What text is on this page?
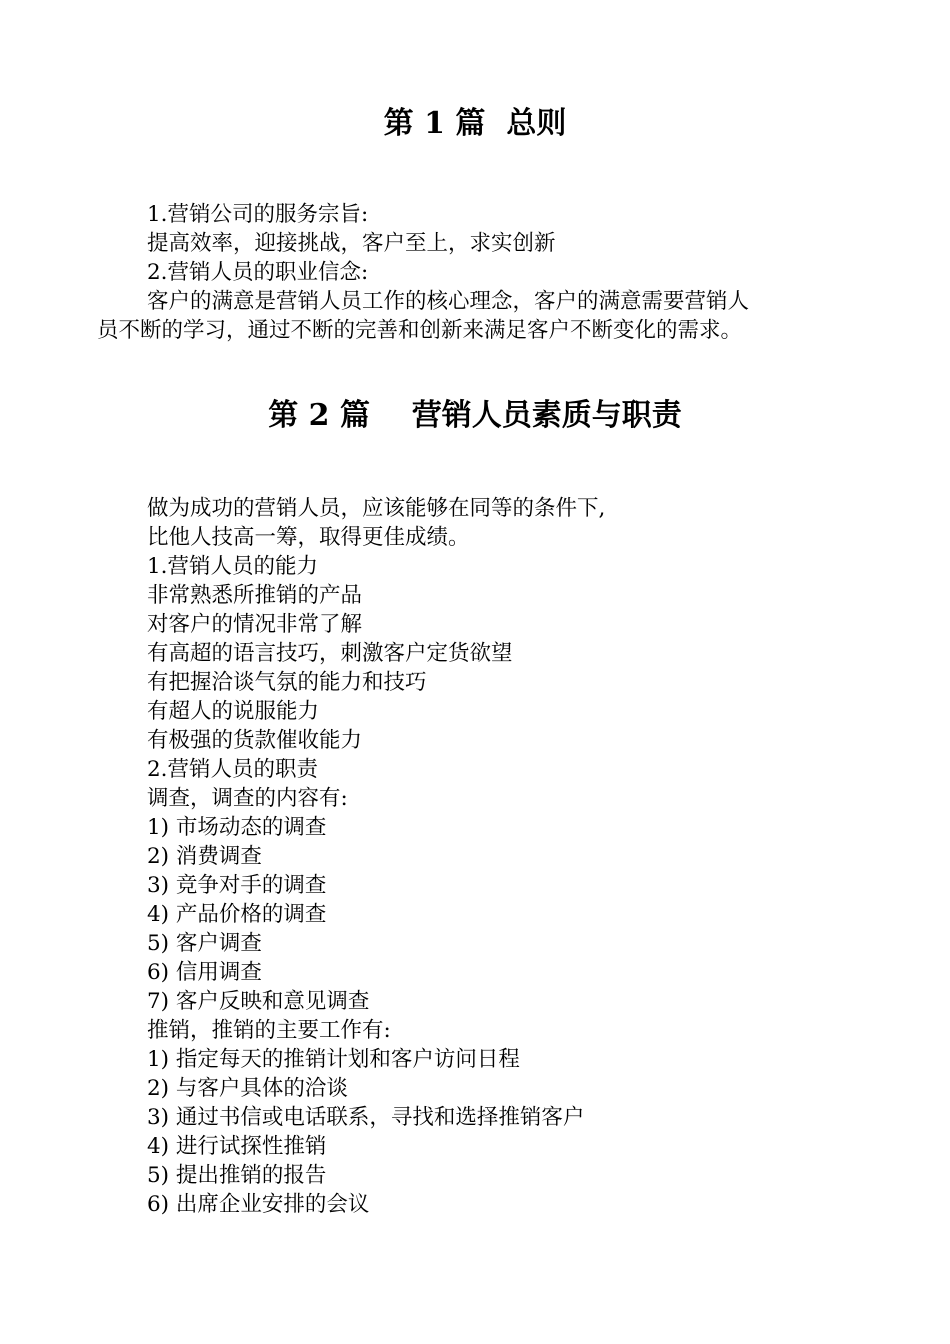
第 1 篇  总则
1.营销公司的服务宗旨:
提高效率，迎接挑战，客户至上，求实创新
2.营销人员的职业信念:
客户的满意是营销人员工作的核心理念，客户的满意需要营销人
员不断的学习，通过不断的完善和创新来满足客户不断变化的需求。
第 2 篇    营销人员素质与职责
做为成功的营销人员，应该能够在同等的条件下,
比他人技高一筹，取得更佳成绩。
1.营销人员的能力
非常熟悉所推销的产品
对客户的情况非常了解
有高超的语言技巧，刺激客户定货欲望
有把握洽谈气氛的能力和技巧
有超人的说服能力
有极强的货款催收能力
2.营销人员的职责
调查，调查的内容有:
1) 市场动态的调查
2) 消费调查
3) 竞争对手的调查
4) 产品价格的调查
5) 客户调查
6) 信用调查
7) 客户反映和意见调查
推销，推销的主要工作有:
1) 指定每天的推销计划和客户访问日程
2) 与客户具体的洽谈
3) 通过书信或电话联系，寻找和选择推销客户
4) 进行试探性推销
5) 提出推销的报告
6) 出席企业安排的会议
